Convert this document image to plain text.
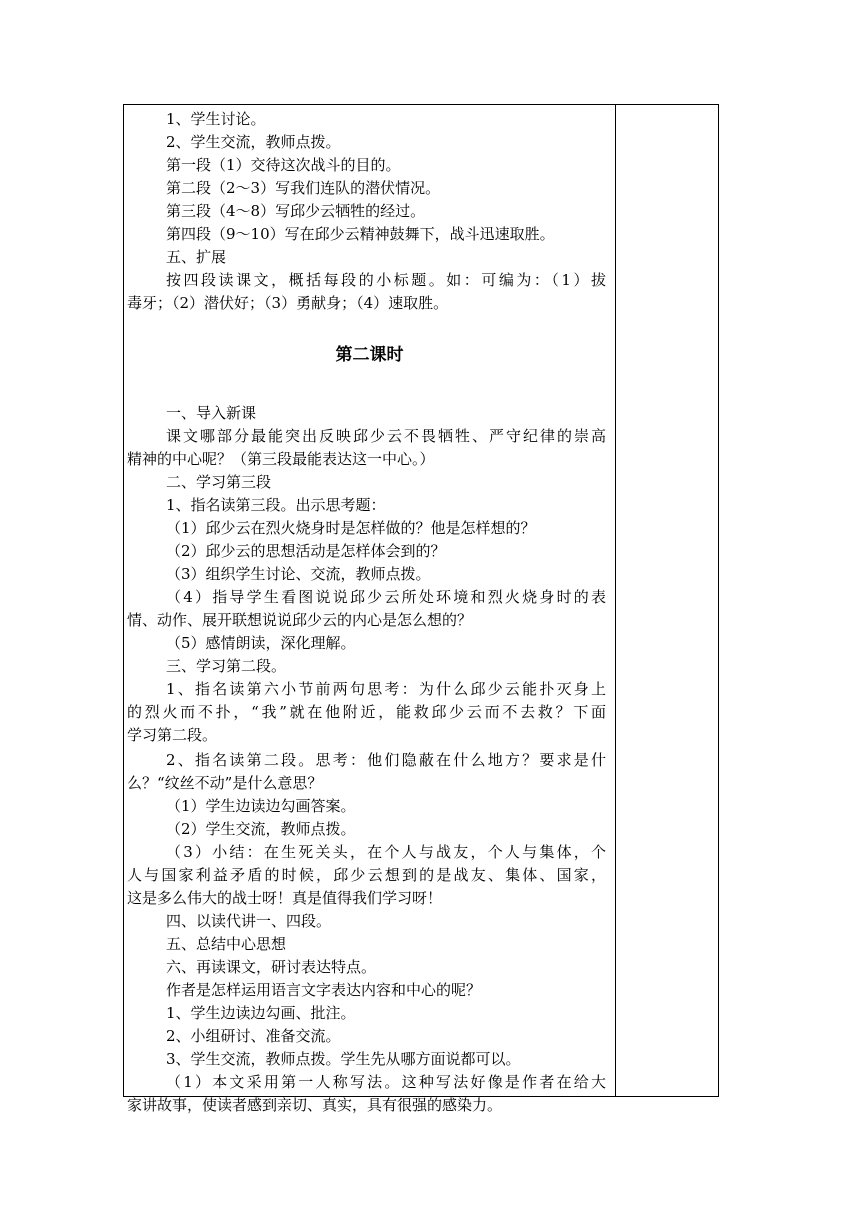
1、学生讨论。
2、学生交流，教师点拨。
第一段（1）交待这次战斗的目的。
第二段（2～3）写我们连队的潜伏情况。
第三段（4～8）写邱少云牺牲的经过。
第四段（9～10）写在邱少云精神鼓舞下，战斗迅速取胜。
五、扩展
按四段读课文，概括每段的小标题。如：可编为：（1）拔
毒牙；（2）潜伏好；（3）勇献身；（4）速取胜。
第二课时
一、导入新课
课文哪部分最能突出反映邱少云不畏牺牲、严守纪律的崇高
精神的中心呢？（第三段最能表达这一中心。）
二、学习第三段
1、指名读第三段。出示思考题：
（1）邱少云在烈火烧身时是怎样做的？他是怎样想的？
（2）邱少云的思想活动是怎样体会到的？
（3）组织学生讨论、交流，教师点拨。
（4）指导学生看图说说邱少云所处环境和烈火烧身时的表
情、动作、展开联想说说邱少云的内心是怎么想的？
（5）感情朗读，深化理解。
三、学习第二段。
1、指名读第六小节前两句思考：为什么邱少云能扑灭身上
的烈火而不扑，“我”就在他附近，能救邱少云而不去救？下面
学习第二段。
2、指名读第二段。思考：他们隐蔽在什么地方？要求是什
么？“纹丝不动”是什么意思？
（1）学生边读边勾画答案。
（2）学生交流，教师点拨。
（3）小结：在生死关头，在个人与战友，个人与集体，个
人与国家利益矛盾的时候，邱少云想到的是战友、集体、国家，
这是多么伟大的战士呀！真是值得我们学习呀！
四、以读代讲一、四段。
五、总结中心思想
六、再读课文，研讨表达特点。
作者是怎样运用语言文字表达内容和中心的呢？
1、学生边读边勾画、批注。
2、小组研讨、准备交流。
3、学生交流，教师点拨。学生先从哪方面说都可以。
（1）本文采用第一人称写法。这种写法好像是作者在给大
家讲故事，使读者感到亲切、真实，具有很强的感染力。
